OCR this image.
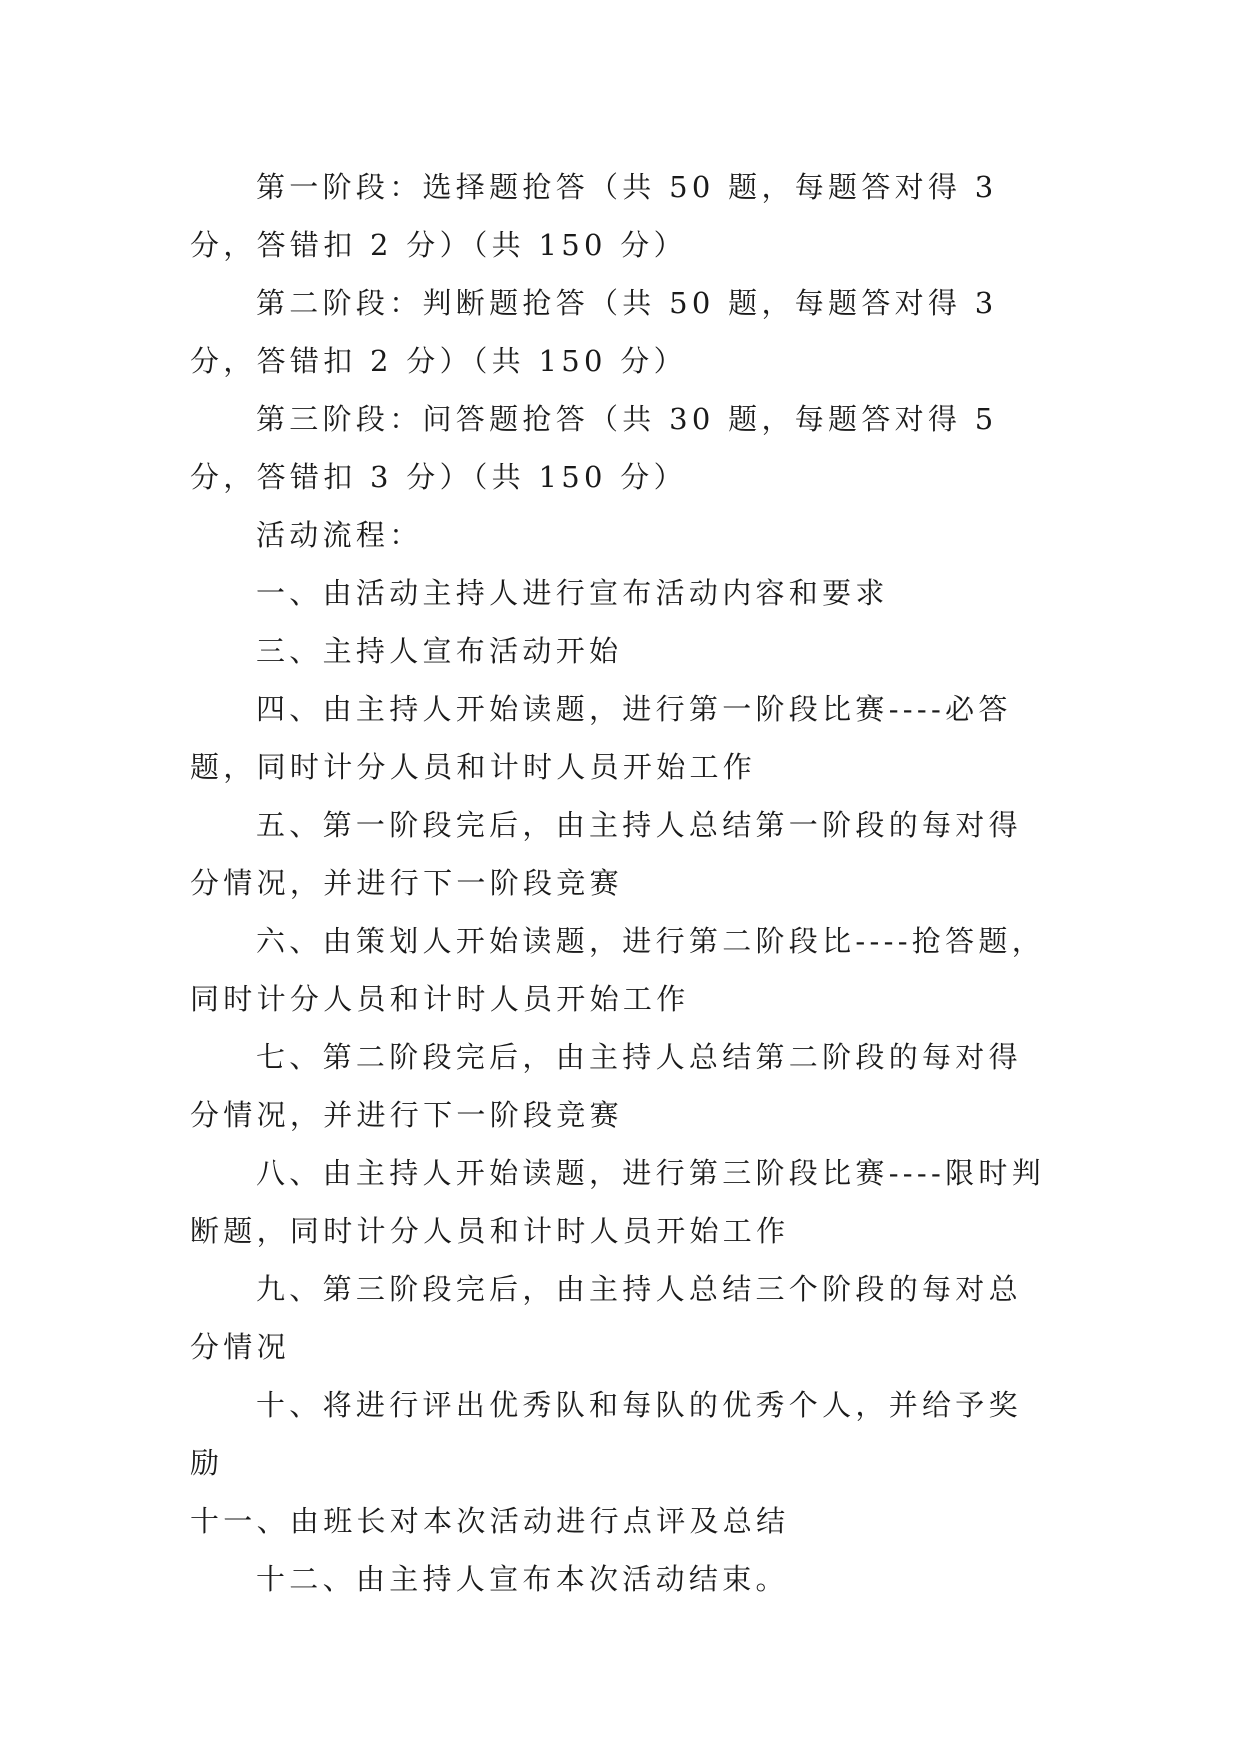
第一阶段：选择题抢答（共 50 题，每题答对得 3 分，答错扣 2 分）（共 150 分）

第二阶段：判断题抢答（共 50 题，每题答对得 3 分，答错扣 2 分）（共 150 分）

第三阶段：问答题抢答（共 30 题，每题答对得 5 分，答错扣 3 分）（共 150 分）

活动流程：

一、由活动主持人进行宣布活动内容和要求

三、主持人宣布活动开始

四、由主持人开始读题，进行第一阶段比赛----必答题，同时计分人员和计时人员开始工作

五、第一阶段完后，由主持人总结第一阶段的每对得分情况，并进行下一阶段竞赛

六、由策划人开始读题，进行第二阶段比----抢答题，同时计分人员和计时人员开始工作

七、第二阶段完后，由主持人总结第二阶段的每对得分情况，并进行下一阶段竞赛

八、由主持人开始读题，进行第三阶段比赛----限时判断题，同时计分人员和计时人员开始工作

九、第三阶段完后，由主持人总结三个阶段的每对总分情况

十、将进行评出优秀队和每队的优秀个人，并给予奖励

十一、由班长对本次活动进行点评及总结

十二、由主持人宣布本次活动结束。
